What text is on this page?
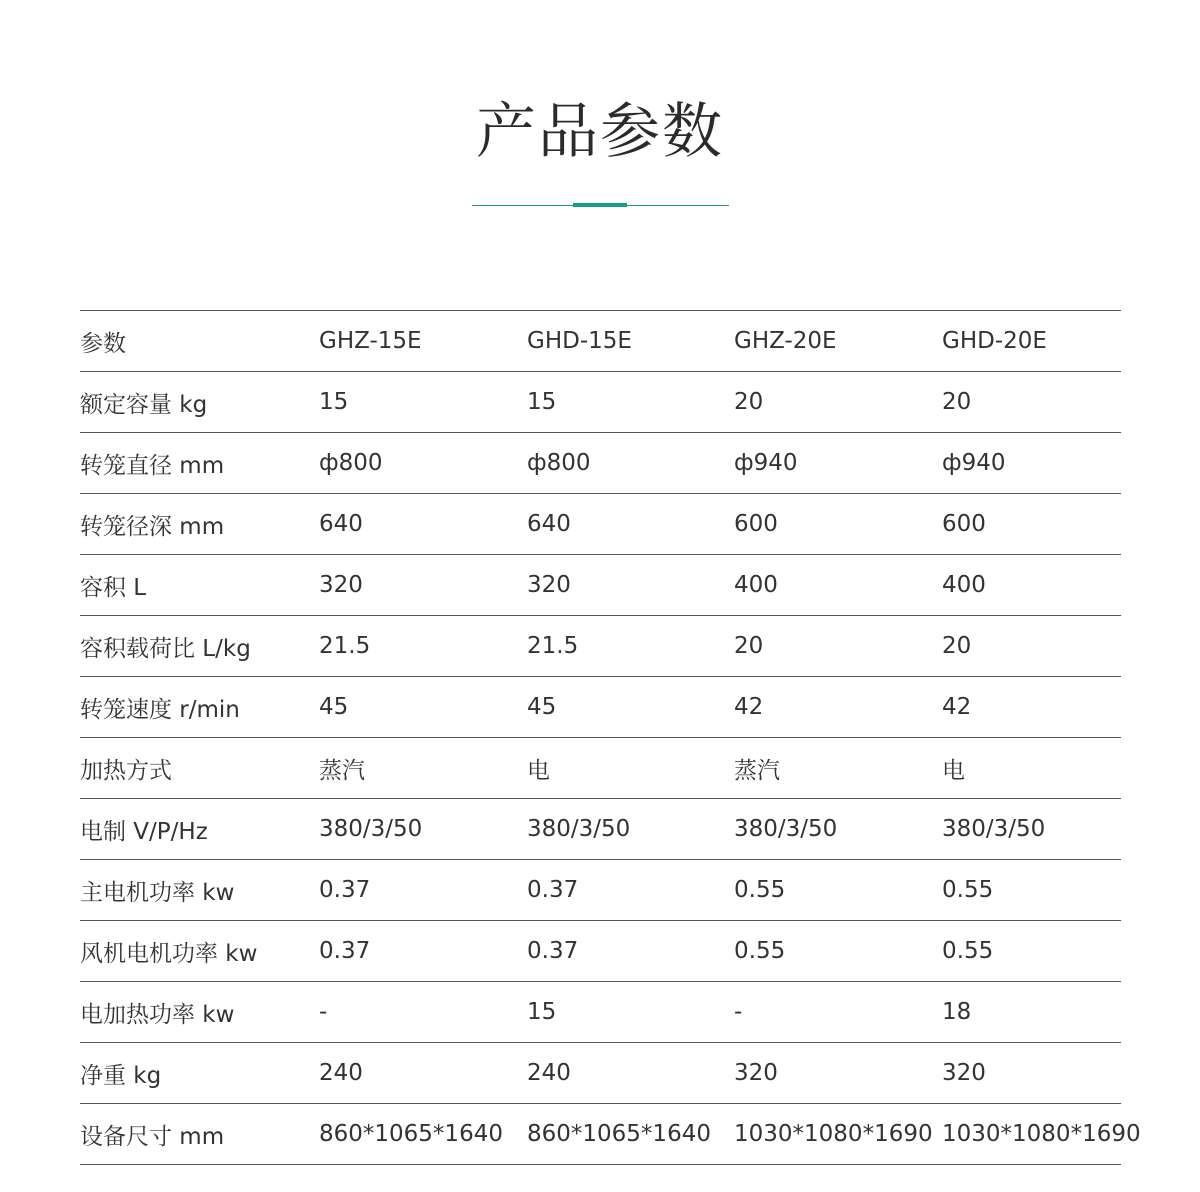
产品参数
参数	GHZ-15E	GHD-15E	GHZ-20E	GHD-20E
额定容量 kg	15	15	20	20
转笼直径 mm	ф800	ф800	ф940	ф940
转笼径深 mm	640	640	600	600
容积 L	320	320	400	400
容积载荷比 L/kg	21.5	21.5	20	20
转笼速度 r/min	45	45	42	42
加热方式	蒸汽	电	蒸汽	电
电制 V/P/Hz	380/3/50	380/3/50	380/3/50	380/3/50
主电机功率 kw	0.37	0.37	0.55	0.55
风机电机功率 kw	0.37	0.37	0.55	0.55
电加热功率 kw	-	15	-	18
净重 kg	240	240	320	320
设备尺寸 mm	860*1065*1640	860*1065*1640	1030*1080*1690	1030*1080*1690
